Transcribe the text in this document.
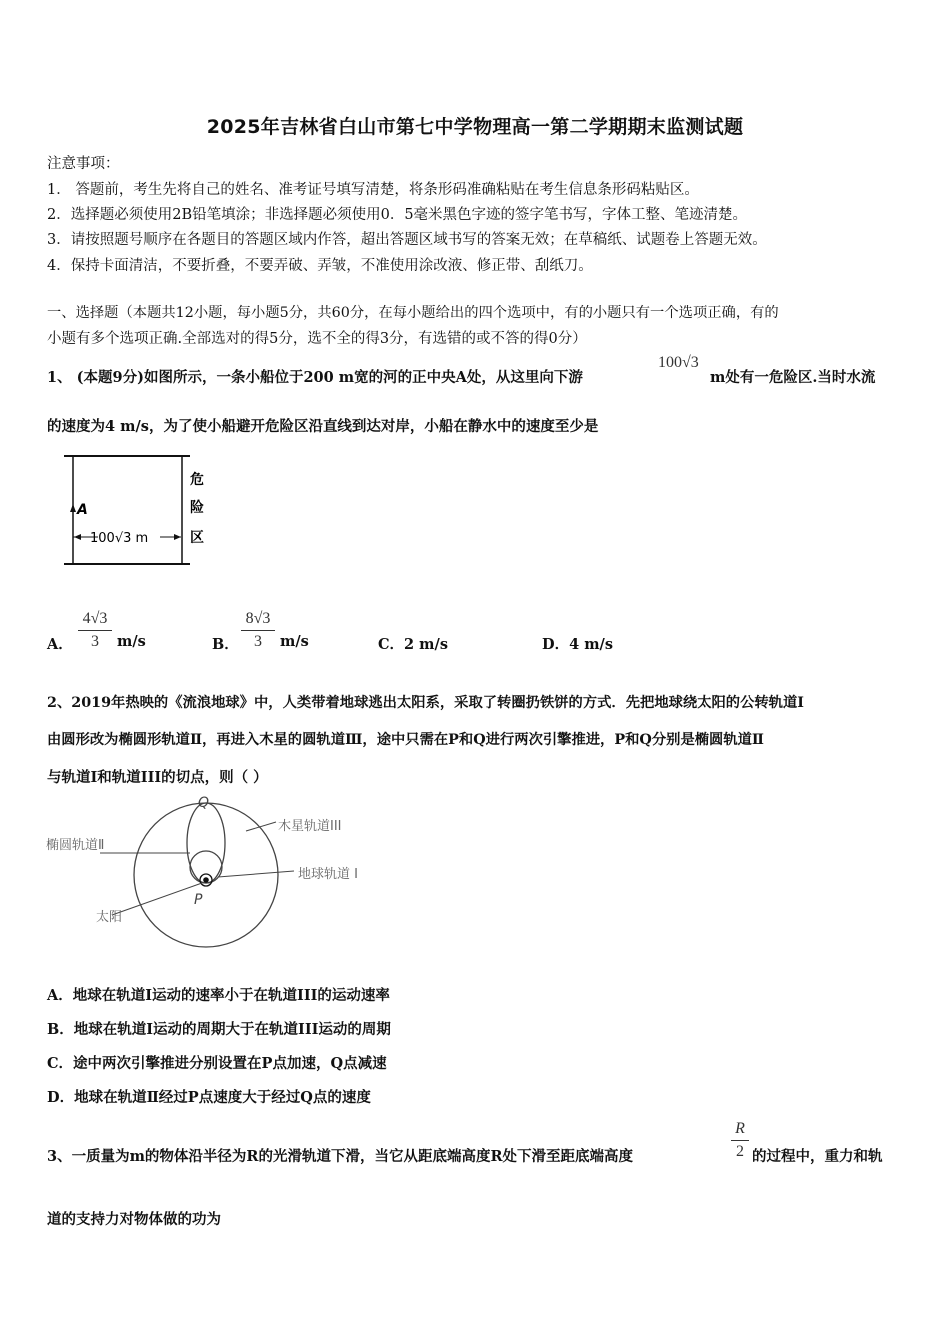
2025年吉林省白山市第七中学物理高一第二学期期末监测试题
注意事项：
1． 答题前，考生先将自己的姓名、准考证号填写清楚，将条形码准确粘贴在考生信息条形码粘贴区。
2．选择题必须使用2B铅笔填涂；非选择题必须使用0．5毫米黑色字迹的签字笔书写，字体工整、笔迹清楚。
3．请按照题号顺序在各题目的答题区域内作答，超出答题区域书写的答案无效；在草稿纸、试题卷上答题无效。
4．保持卡面清洁，不要折叠，不要弄破、弄皱，不准使用涂改液、修正带、刮纸刀。
一、选择题（本题共12小题，每小题5分，共60分，在每小题给出的四个选项中，有的小题只有一个选项正确，有的
小题有多个选项正确.全部选对的得5分，选不全的得3分，有选错的或不答的得0分）
1、 (本题9分)如图所示，一条小船位于200 m宽的河的正中央A处，从这里向下游
100√3
m处有一危险区.当时水流
的速度为4 m/s，为了使小船避开危险区沿直线到达对岸，小船在静水中的速度至少是
A
100√3 m
危
险
区
A．
4√3
3	m/s	B．
8√3
3	m/s	C．2 m/s	D．4 m/s
2、2019年热映的《流浪地球》中，人类带着地球逃出太阳系，采取了转圈扔铁饼的方式．先把地球绕太阳的公转轨道I
由圆形改为椭圆形轨道Ⅱ，再进入木星的圆轨道Ⅲ，途中只需在P和Q进行两次引擎推进，P和Q分别是椭圆轨道Ⅱ
与轨道I和轨道III的切点，则（ ）
Q
P
木星轨道III
椭圆轨道Ⅱ
地球轨道 I
太阳
A．地球在轨道I运动的速率小于在轨道III的运动速率
B．地球在轨道I运动的周期大于在轨道III运动的周期
C．途中两次引擎推进分别设置在P点加速，Q点减速
D．地球在轨道Ⅱ经过P点速度大于经过Q点的速度
3、一质量为m的物体沿半径为R的光滑轨道下滑，当它从距底端高度R处下滑至距底端高度
R
2 的过程中，重力和轨
道的支持力对物体做的功为
